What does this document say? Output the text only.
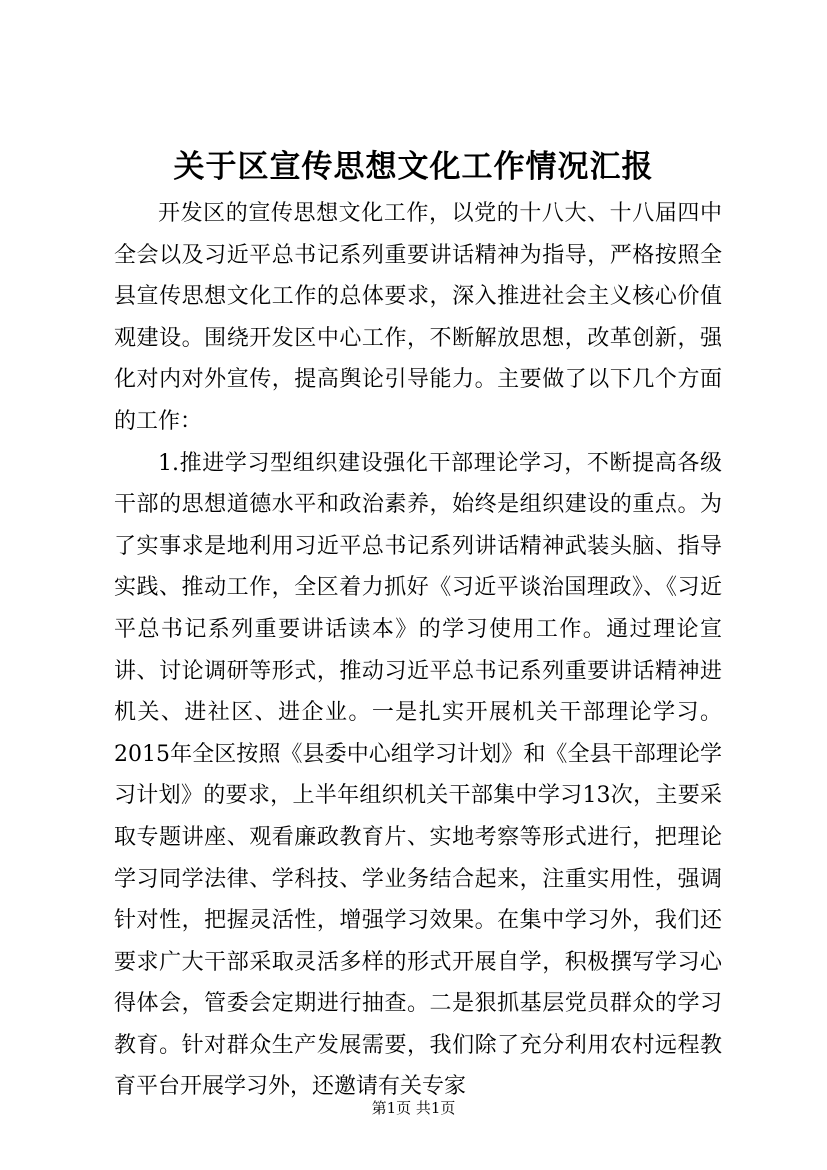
关于区宣传思想文化工作情况汇报

开发区的宣传思想文化工作，以党的十八大、十八届四中全会以及习近平总书记系列重要讲话精神为指导，严格按照全县宣传思想文化工作的总体要求，深入推进社会主义核心价值观建设。围绕开发区中心工作，不断解放思想，改革创新，强化对内对外宣传，提高舆论引导能力。主要做了以下几个方面的工作：

1.推进学习型组织建设强化干部理论学习，不断提高各级干部的思想道德水平和政治素养，始终是组织建设的重点。为了实事求是地利用习近平总书记系列讲话精神武装头脑、指导实践、推动工作，全区着力抓好《习近平谈治国理政》、《习近平总书记系列重要讲话读本》的学习使用工作。通过理论宣讲、讨论调研等形式，推动习近平总书记系列重要讲话精神进机关、进社区、进企业。一是扎实开展机关干部理论学习。2015年全区按照《县委中心组学习计划》和《全县干部理论学习计划》的要求，上半年组织机关干部集中学习13次，主要采取专题讲座、观看廉政教育片、实地考察等形式进行，把理论学习同学法律、学科技、学业务结合起来，注重实用性，强调针对性，把握灵活性，增强学习效果。在集中学习外，我们还要求广大干部采取灵活多样的形式开展自学，积极撰写学习心得体会，管委会定期进行抽查。二是狠抓基层党员群众的学习教育。针对群众生产发展需要，我们除了充分利用农村远程教育平台开展学习外，还邀请有关专家

第1页 共1页
